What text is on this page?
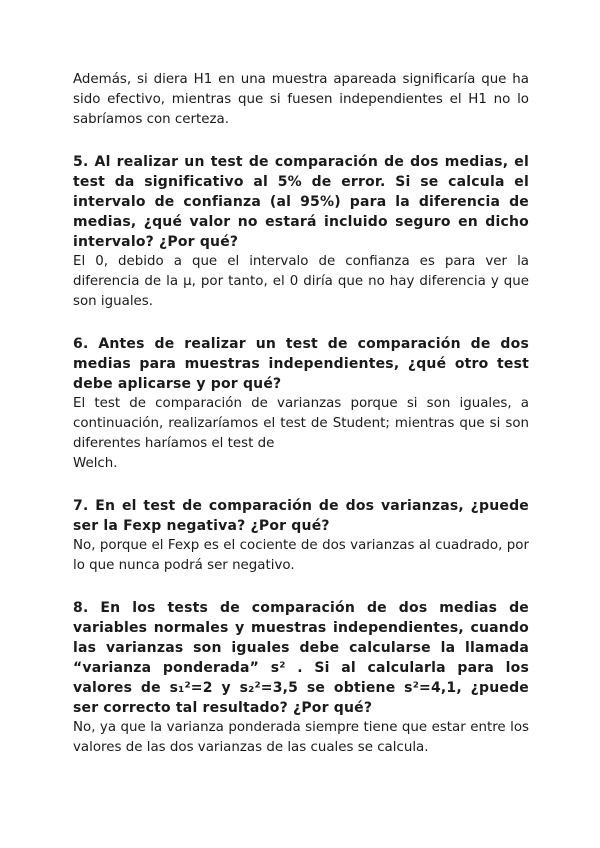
Además, si diera H1 en una muestra apareada significaría que ha sido efectivo, mientras que si fuesen independientes el H1 no lo sabríamos con certeza.

5. Al realizar un test de comparación de dos medias, el test da significativo al 5% de error. Si se calcula el intervalo de confianza (al 95%) para la diferencia de medias, ¿qué valor no estará incluido seguro en dicho intervalo? ¿Por qué?

El 0, debido a que el intervalo de confianza es para ver la diferencia de la μ, por tanto, el 0 diría que no hay diferencia y que son iguales.

6. Antes de realizar un test de comparación de dos medias para muestras independientes, ¿qué otro test debe aplicarse y por qué?

El test de comparación de varianzas porque si son iguales, a continuación, realizaríamos el test de Student; mientras que si son diferentes haríamos el test de

Welch.

7. En el test de comparación de dos varianzas, ¿puede ser la Fexp negativa? ¿Por qué?

No, porque el Fexp es el cociente de dos varianzas al cuadrado, por lo que nunca podrá ser negativo.

8. En los tests de comparación de dos medias de variables normales y muestras independientes, cuando las varianzas son iguales debe calcularse la llamada “varianza ponderada” s² . Si al calcularla para los valores de s₁²=2 y s₂²=3,5 se obtiene s²=4,1, ¿puede ser correcto tal resultado? ¿Por qué?

No, ya que la varianza ponderada siempre tiene que estar entre los valores de las dos varianzas de las cuales se calcula.
